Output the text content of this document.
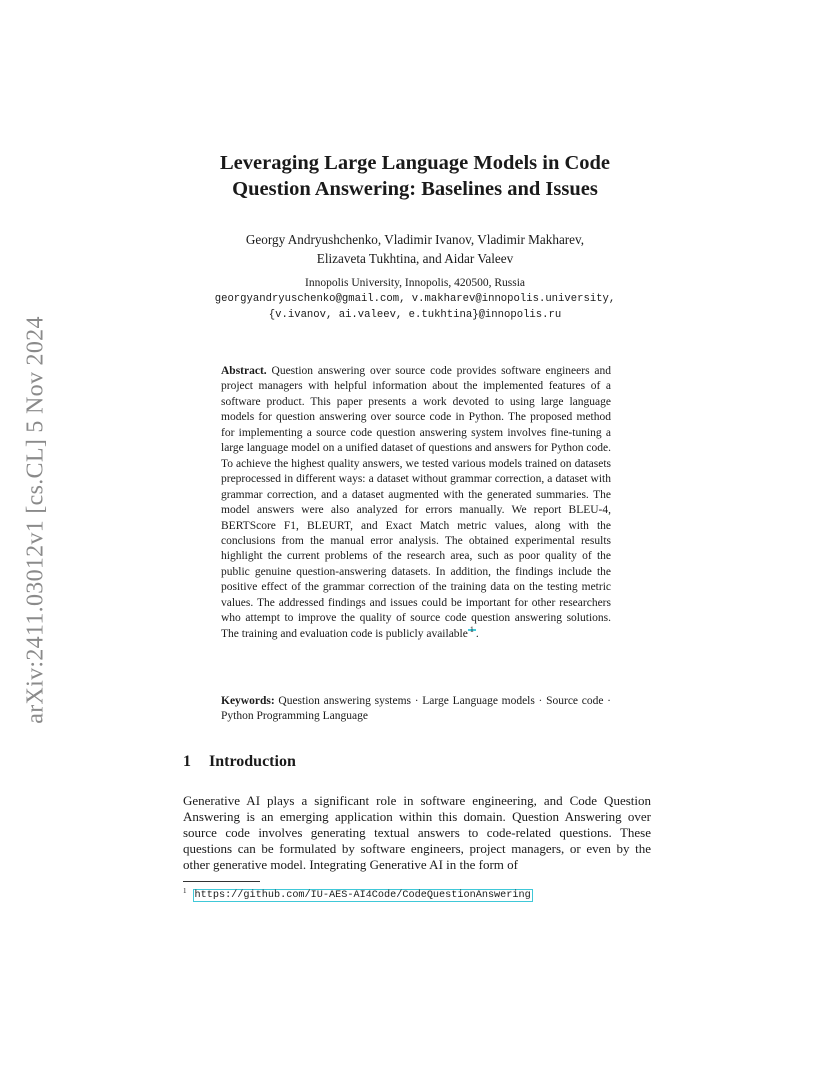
arXiv:2411.03012v1 [cs.CL] 5 Nov 2024
Leveraging Large Language Models in Code
Question Answering: Baselines and Issues
Georgy Andryushchenko, Vladimir Ivanov, Vladimir Makharev,
Elizaveta Tukhtina, and Aidar Valeev
Innopolis University, Innopolis, 420500, Russia
georgyandryuschenko@gmail.com, v.makharev@innopolis.university,
{v.ivanov, ai.valeev, e.tukhtina}@innopolis.ru
Abstract. Question answering over source code provides software engineers and project managers with helpful information about the implemented features of a software product. This paper presents a work devoted to using large language models for question answering over source code in Python. The proposed method for implementing a source code question answering system involves fine-tuning a large language model on a unified dataset of questions and answers for Python code. To achieve the highest quality answers, we tested various models trained on datasets preprocessed in different ways: a dataset without grammar correction, a dataset with grammar correction, and a dataset augmented with the generated summaries. The model answers were also analyzed for errors manually. We report BLEU-4, BERTScore F1, BLEURT, and Exact Match metric values, along with the conclusions from the manual error analysis. The obtained experimental results highlight the current problems of the research area, such as poor quality of the public genuine question-answering datasets. In addition, the findings include the positive effect of the grammar correction of the training data on the testing metric values. The addressed findings and issues could be important for other researchers who attempt to improve the quality of source code question answering solutions. The training and evaluation code is publicly available 1 .
Keywords: Question answering systems · Large Language models · Source code · Python Programming Language
1 Introduction

Generative AI plays a significant role in software engineering, and Code Question Answering is an emerging application within this domain. Question Answering over source code involves generating textual answers to code-related questions. These questions can be formulated by software engineers, project managers, or even by the other generative model. Integrating Generative AI in the form of

$^1$ https://github.com/IU-AES-AI4Code/CodeQuestionAnswering
